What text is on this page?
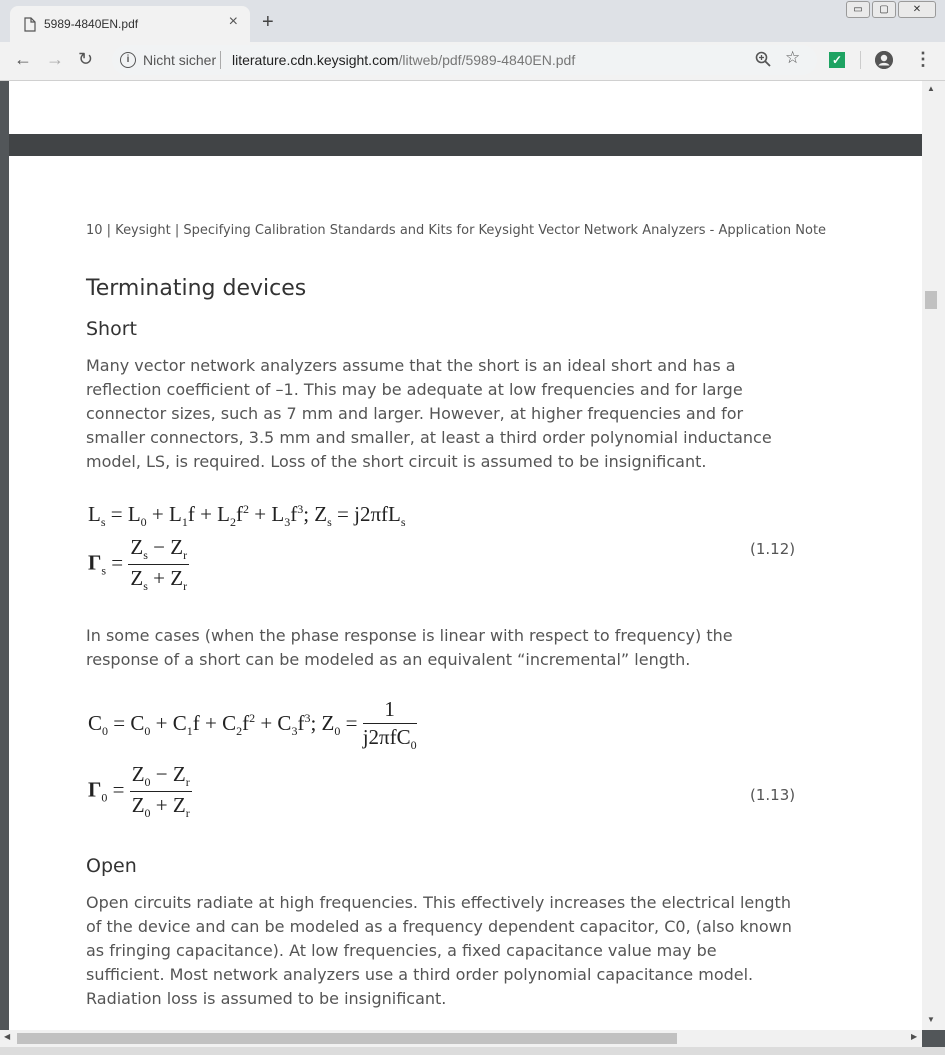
5989-4840EN.pdf	× +
▭	▢	✕
← → ↻	i Nicht sicher literature.cdn.keysight.com/litweb/pdf/5989-4840EN.pdf	☆	✓	⋮
10 | Keysight | Specifying Calibration Standards and Kits for Keysight Vector Network Analyzers - Application Note
Terminating devices
Short
Many vector network analyzers assume that the short is an ideal short and has a reflection coefficient of –1. This may be adequate at low frequencies and for large connector sizes, such as 7 mm and larger. However, at higher frequencies and for smaller connectors, 3.5 mm and smaller, at least a third order polynomial inductance model, LS, is required. Loss of the short circuit is assumed to be insignificant.
$L_s = L_0 + L_1f + L_2f^2 + L_3f^3$; $Z_s = j2\pi fL_s$
$\Gamma_s = \frac{Z_s - Z_r}{Z_s + Z_r}$	(1.12)
In some cases (when the phase response is linear with respect to frequency) the response of a short can be modeled as an equivalent “incremental” length.
$C_0 = C_0 + C_1f + C_2f^2 + C_3f^3$; $Z_0 = \frac{1}{j2\pi fC_0}$
$\Gamma_0 = \frac{Z_0 - Z_r}{Z_0 + Z_r}$	(1.13)
Open
Open circuits radiate at high frequencies. This effectively increases the electrical length of the device and can be modeled as a frequency dependent capacitor, C0, (also known as fringing capacitance). At low frequencies, a fixed capacitance value may be sufficient. Most network analyzers use a third order polynomial capacitance model. Radiation loss is assumed to be insignificant.
▲
▼
◀	▶
